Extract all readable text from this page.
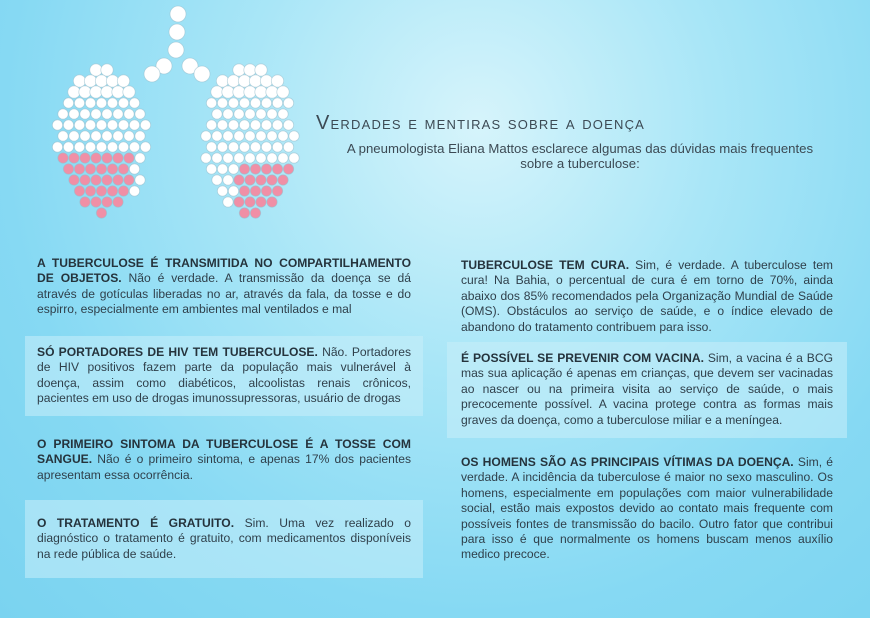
verdades e mentiras sobre a doença
A pneumologista Eliana Mattos esclarece algumas das dúvidas mais frequentes sobre a tuberculose:
A TUBERCULOSE É TRANSMITIDA NO COMPARTILHAMENTO DE OBJETOS. Não é verdade. A transmissão da doença se dá através de gotículas liberadas no ar, através da fala, da tosse e do espirro, especialmente em ambientes mal ventilados e mal
SÓ PORTADORES DE HIV TEM TUBERCULOSE. Não. Portadores de HIV positivos fazem parte da população mais vulnerável à doença, assim como diabéticos, alcoolistas renais crônicos, pacientes em uso de drogas imunossupressoras, usuário de drogas
O PRIMEIRO SINTOMA DA TUBERCULOSE É A TOSSE COM SANGUE. Não é o primeiro sintoma, e apenas 17% dos pacientes apresentam essa ocorrência.
O TRATAMENTO É GRATUITO. Sim. Uma vez realizado o diagnóstico o tratamento é gratuito, com medicamentos disponíveis na rede pública de saúde.
TUBERCULOSE TEM CURA. Sim, é verdade. A tuberculose tem cura! Na Bahia, o percentual de cura é em torno de 70%, ainda abaixo dos 85% recomendados pela Organização Mundial de Saúde (OMS). Obstáculos ao serviço de saúde, e o índice elevado de abandono do tratamento contribuem para isso.
É POSSÍVEL SE PREVENIR COM VACINA. Sim, a vacina é a BCG mas sua aplicação é apenas em crianças, que devem ser vacinadas ao nascer ou na primeira visita ao serviço de saúde, o mais precocemente possível. A vacina protege contra as formas mais graves da doença, como a tuberculose miliar e a meníngea.
OS HOMENS SÃO AS PRINCIPAIS VÍTIMAS DA DOENÇA. Sim, é verdade. A incidência da tuberculose é maior no sexo masculino. Os homens, especialmente em populações com maior vulnerabilidade social, estão mais expostos devido ao contato mais frequente com possíveis fontes de transmissão do bacilo. Outro fator que contribui para isso é que normalmente os homens buscam menos auxílio medico precoce.
